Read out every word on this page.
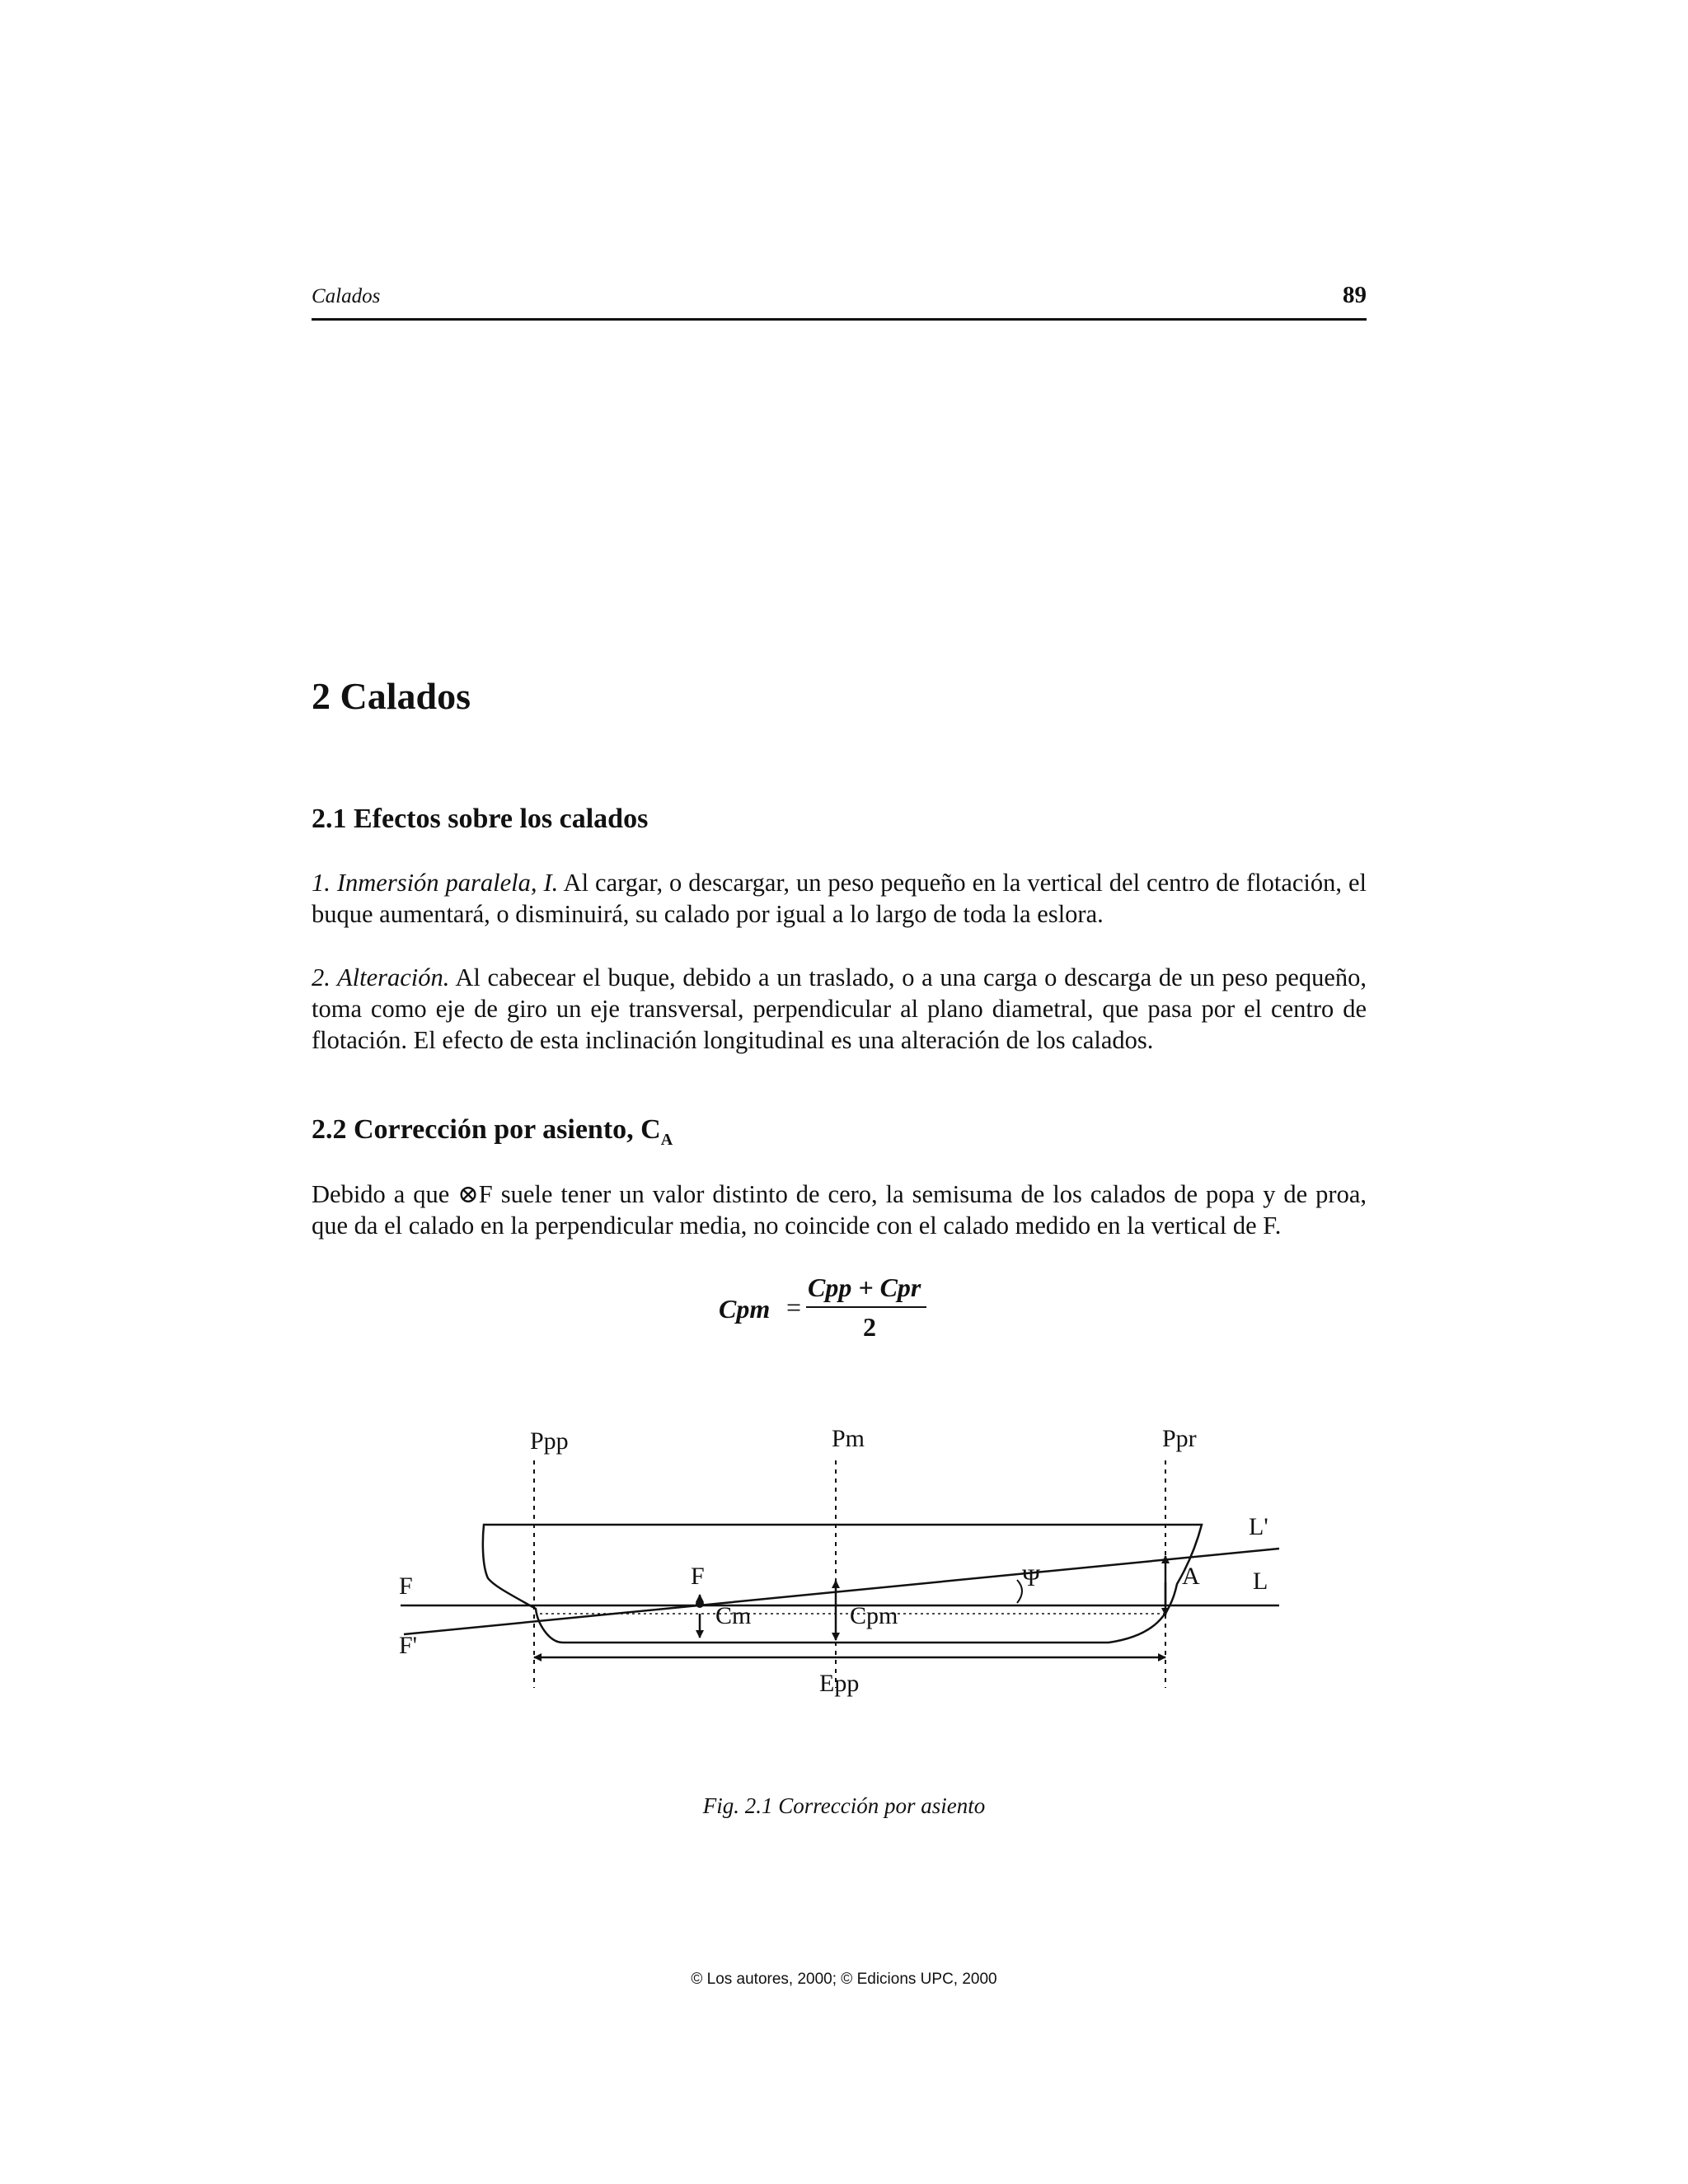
Calados	89
2 Calados
2.1 Efectos sobre los calados
1. Inmersión paralela, I. Al cargar, o descargar, un peso pequeño en la vertical del centro de flotación, el buque aumentará, o disminuirá, su calado por igual a lo largo de toda la eslora.
2. Alteración. Al cabecear el buque, debido a un traslado, o a una carga o descarga de un peso pequeño, toma como eje de giro un eje transversal, perpendicular al plano diametral, que pasa por el centro de flotación. El efecto de esta inclinación longitudinal es una alteración de los calados.
2.2 Corrección por asiento, $C_A$
Debido a que ⊗F suele tener un valor distinto de cero, la semisuma de los calados de popa y de proa, que da el calado en la perpendicular media, no coincide con el calado medido en la vertical de F.
Cpm =
Cpp + Cpr
2
Ppp	Pm	Ppr
L'
L
F
F'
F	Ψ	A
Cm	Cpm
Epp
Fig. 2.1 Corrección por asiento
© Los autores, 2000; © Edicions UPC, 2000
